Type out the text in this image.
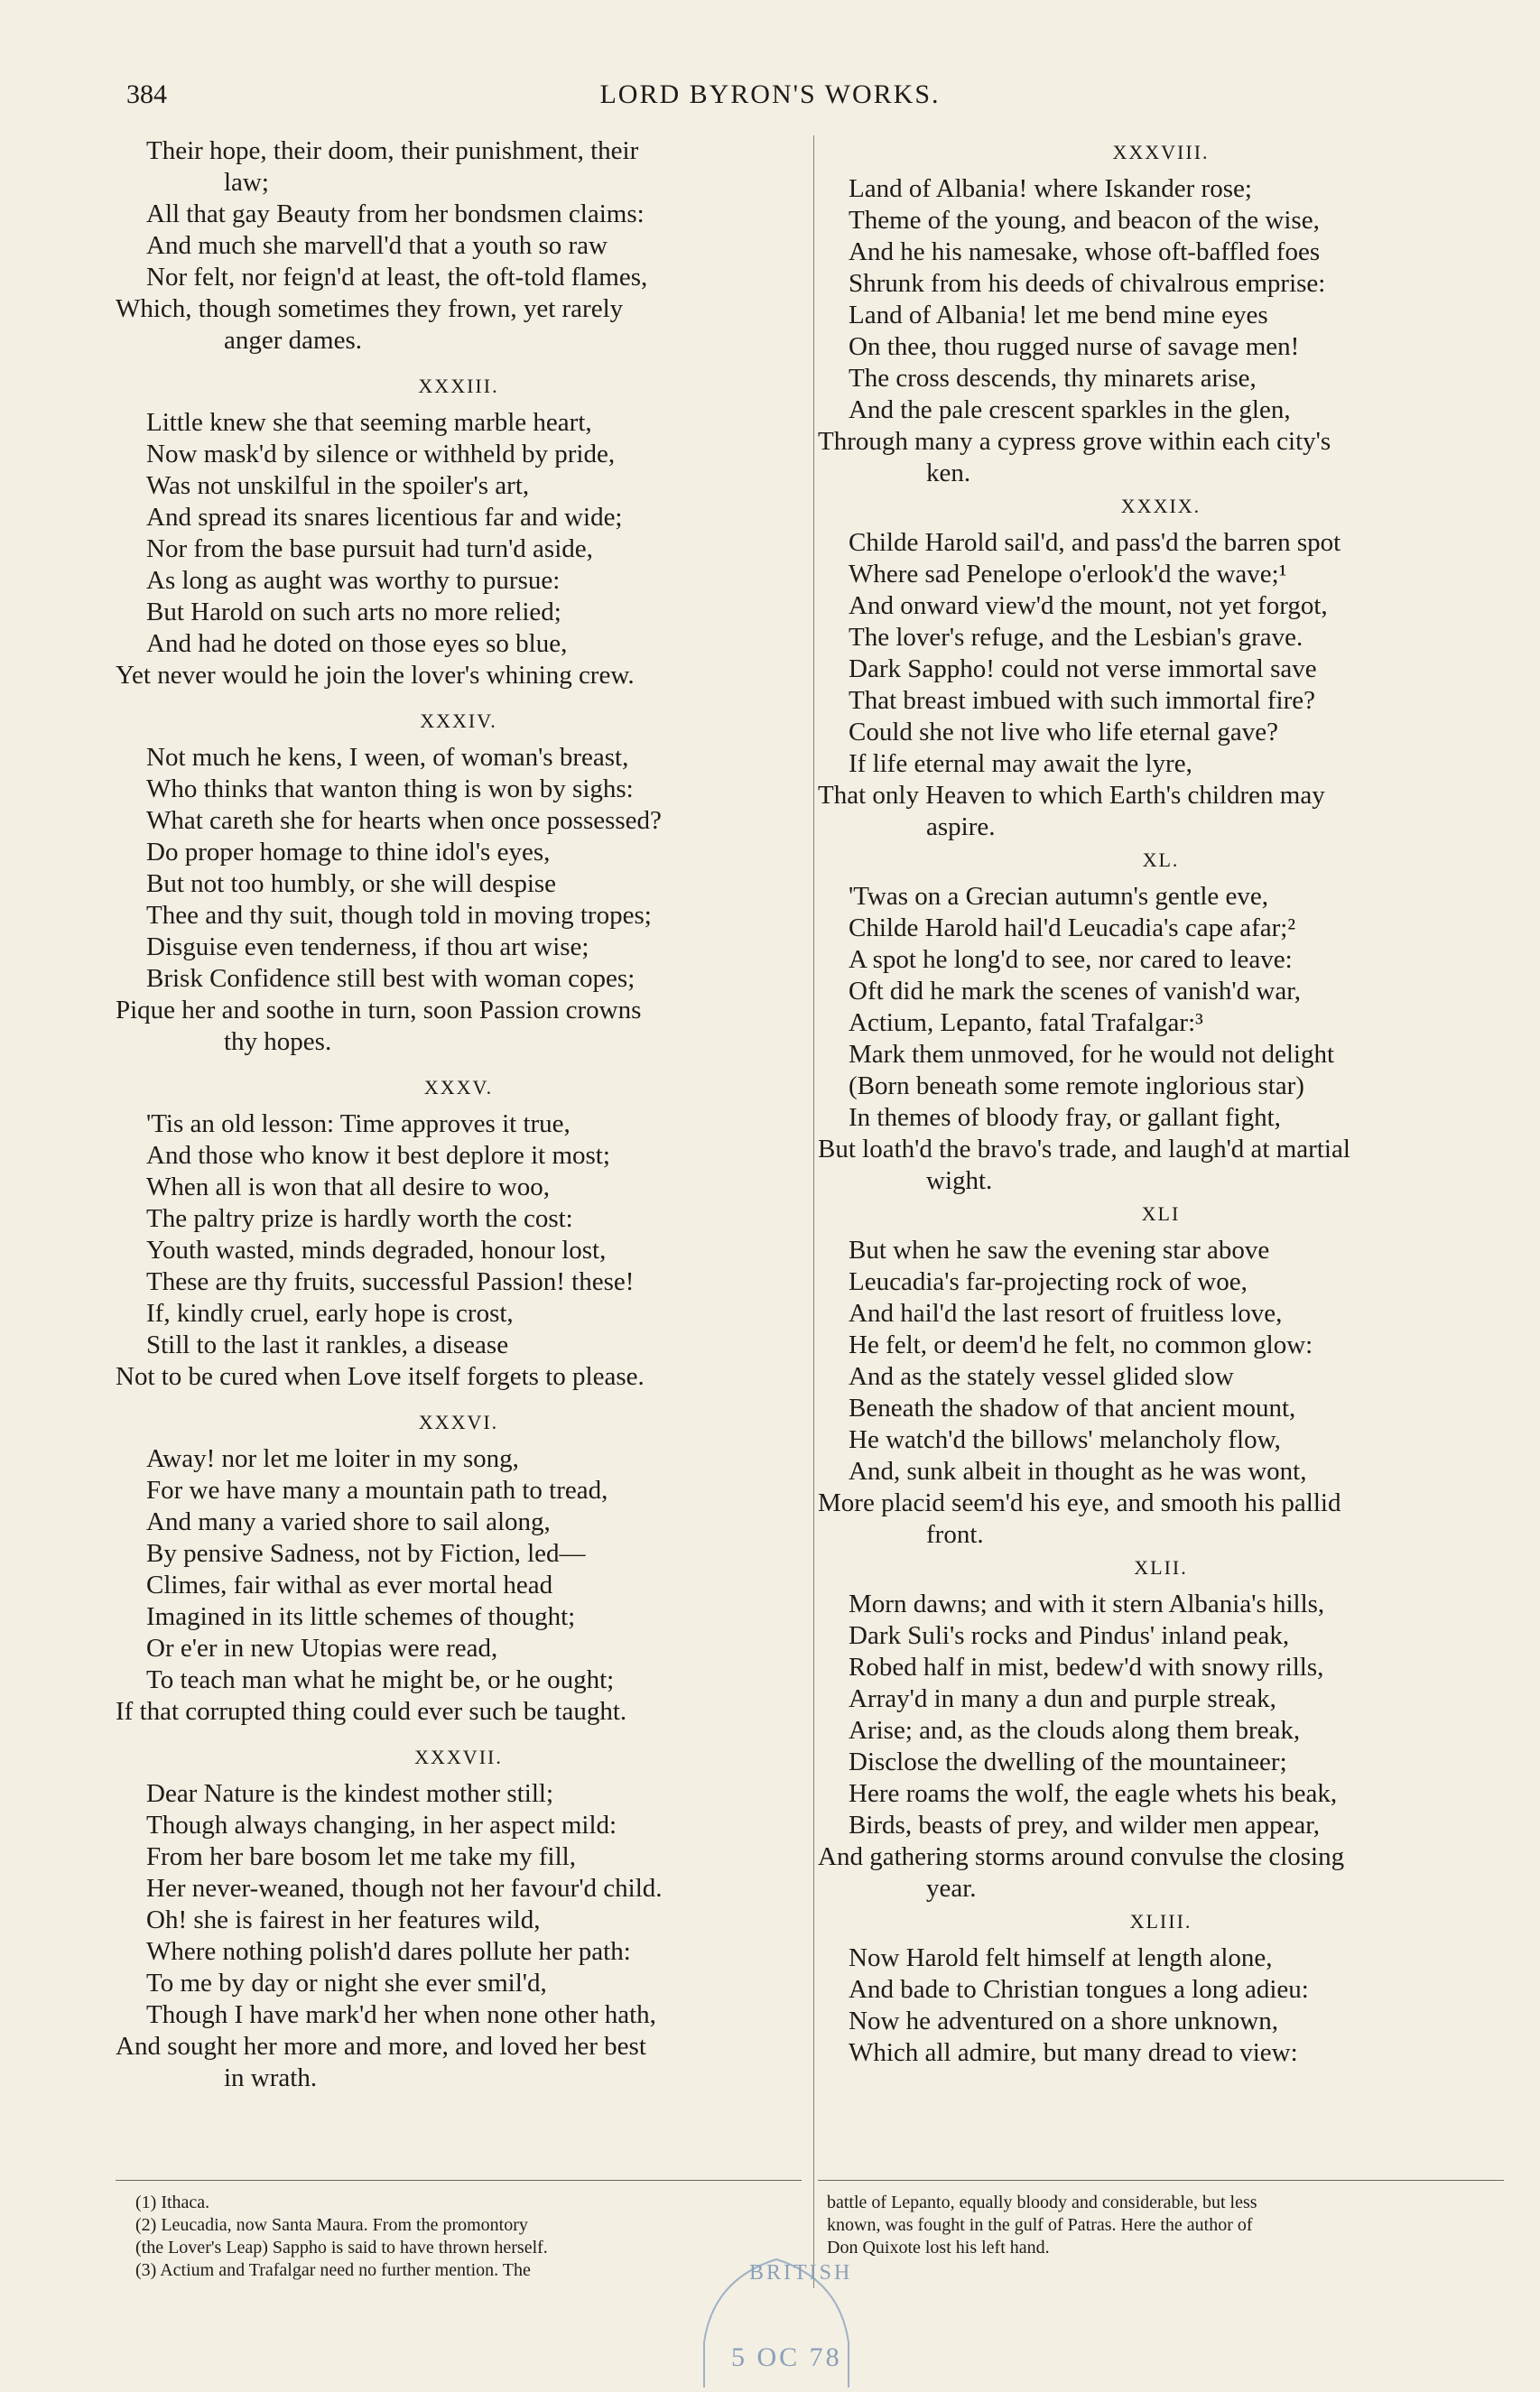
384	LORD BYRON'S WORKS.
Their hope, their doom, their punishment, their
law;
All that gay Beauty from her bondsmen claims:
And much she marvell'd that a youth so raw
Nor felt, nor feign'd at least, the oft-told flames,
Which, though sometimes they frown, yet rarely
anger dames.
XXXIII.
Little knew she that seeming marble heart,
Now mask'd by silence or withheld by pride,
Was not unskilful in the spoiler's art,
And spread its snares licentious far and wide;
Nor from the base pursuit had turn'd aside,
As long as aught was worthy to pursue:
But Harold on such arts no more relied;
And had he doted on those eyes so blue,
Yet never would he join the lover's whining crew.
XXXIV.
Not much he kens, I ween, of woman's breast,
Who thinks that wanton thing is won by sighs:
What careth she for hearts when once possessed?
Do proper homage to thine idol's eyes,
But not too humbly, or she will despise
Thee and thy suit, though told in moving tropes;
Disguise even tenderness, if thou art wise;
Brisk Confidence still best with woman copes;
Pique her and soothe in turn, soon Passion crowns
thy hopes.
XXXV.
'Tis an old lesson: Time approves it true,
And those who know it best deplore it most;
When all is won that all desire to woo,
The paltry prize is hardly worth the cost:
Youth wasted, minds degraded, honour lost,
These are thy fruits, successful Passion! these!
If, kindly cruel, early hope is crost,
Still to the last it rankles, a disease
Not to be cured when Love itself forgets to please.
XXXVI.
Away! nor let me loiter in my song,
For we have many a mountain path to tread,
And many a varied shore to sail along,
By pensive Sadness, not by Fiction, led—
Climes, fair withal as ever mortal head
Imagined in its little schemes of thought;
Or e'er in new Utopias were read,
To teach man what he might be, or he ought;
If that corrupted thing could ever such be taught.
XXXVII.
Dear Nature is the kindest mother still;
Though always changing, in her aspect mild:
From her bare bosom let me take my fill,
Her never-weaned, though not her favour'd child.
Oh! she is fairest in her features wild,
Where nothing polish'd dares pollute her path:
To me by day or night she ever smil'd,
Though I have mark'd her when none other hath,
And sought her more and more, and loved her best
in wrath.
XXXVIII.
Land of Albania! where Iskander rose;
Theme of the young, and beacon of the wise,
And he his namesake, whose oft-baffled foes
Shrunk from his deeds of chivalrous emprise:
Land of Albania! let me bend mine eyes
On thee, thou rugged nurse of savage men!
The cross descends, thy minarets arise,
And the pale crescent sparkles in the glen,
Through many a cypress grove within each city's
ken.
XXXIX.
Childe Harold sail'd, and pass'd the barren spot
Where sad Penelope o'erlook'd the wave;¹
And onward view'd the mount, not yet forgot,
The lover's refuge, and the Lesbian's grave.
Dark Sappho! could not verse immortal save
That breast imbued with such immortal fire?
Could she not live who life eternal gave?
If life eternal may await the lyre,
That only Heaven to which Earth's children may
aspire.
XL.
'Twas on a Grecian autumn's gentle eve,
Childe Harold hail'd Leucadia's cape afar;²
A spot he long'd to see, nor cared to leave:
Oft did he mark the scenes of vanish'd war,
Actium, Lepanto, fatal Trafalgar:³
Mark them unmoved, for he would not delight
(Born beneath some remote inglorious star)
In themes of bloody fray, or gallant fight,
But loath'd the bravo's trade, and laugh'd at martial
wight.
XLI
But when he saw the evening star above
Leucadia's far-projecting rock of woe,
And hail'd the last resort of fruitless love,
He felt, or deem'd he felt, no common glow:
And as the stately vessel glided slow
Beneath the shadow of that ancient mount,
He watch'd the billows' melancholy flow,
And, sunk albeit in thought as he was wont,
More placid seem'd his eye, and smooth his pallid
front.
XLII.
Morn dawns; and with it stern Albania's hills,
Dark Suli's rocks and Pindus' inland peak,
Robed half in mist, bedew'd with snowy rills,
Array'd in many a dun and purple streak,
Arise; and, as the clouds along them break,
Disclose the dwelling of the mountaineer;
Here roams the wolf, the eagle whets his beak,
Birds, beasts of prey, and wilder men appear,
And gathering storms around convulse the closing
year.
XLIII.
Now Harold felt himself at length alone,
And bade to Christian tongues a long adieu:
Now he adventured on a shore unknown,
Which all admire, but many dread to view:
(1) Ithaca.
(2) Leucadia, now Santa Maura. From the promontory
(the Lover's Leap) Sappho is said to have thrown herself.
(3) Actium and Trafalgar need no further mention. The
battle of Lepanto, equally bloody and considerable, but less
known, was fought in the gulf of Patras. Here the author of
Don Quixote lost his left hand.
BRITISH
5 OC 78
